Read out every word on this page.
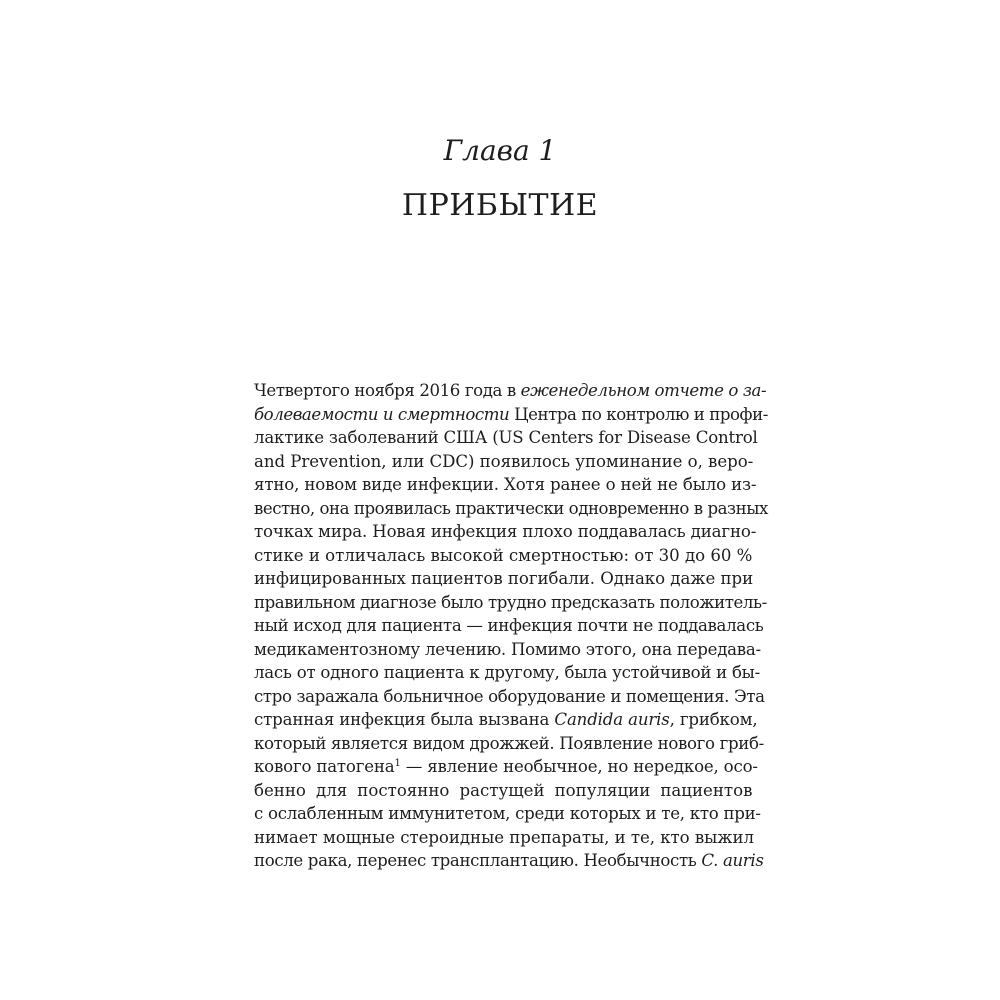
Глава 1
ПРИБЫТИЕ
Четвертого ноября 2016 года в еженедельном отчете о за-
болеваемости и смертности Центра по контролю и профи-
лактике заболеваний США (US Centers for Disease Control
and Prevention, или CDC) появилось упоминание о, веро-
ятно, новом виде инфекции. Хотя ранее о ней не было из-
вестно, она проявилась практически одновременно в разных
точках мира. Новая инфекция плохо поддавалась диагно-
стике и отличалась высокой смертностью: от 30 до 60 %
инфицированных пациентов погибали. Однако даже при
правильном диагнозе было трудно предсказать положитель-
ный исход для пациента — инфекция почти не поддавалась
медикаментозному лечению. Помимо этого, она передава-
лась от одного пациента к другому, была устойчивой и бы-
стро заражала больничное оборудование и помещения. Эта
странная инфекция была вызвана Candida auris, грибком,
который является видом дрожжей. Появление нового гриб-
кового патогена$^1$ — явление необычное, но нередкое, осо-
бенно для постоянно растущей популяции пациентов
с ослабленным иммунитетом, среди которых и те, кто при-
нимает мощные стероидные препараты, и те, кто выжил
после рака, перенес трансплантацию. Необычность C. auris
